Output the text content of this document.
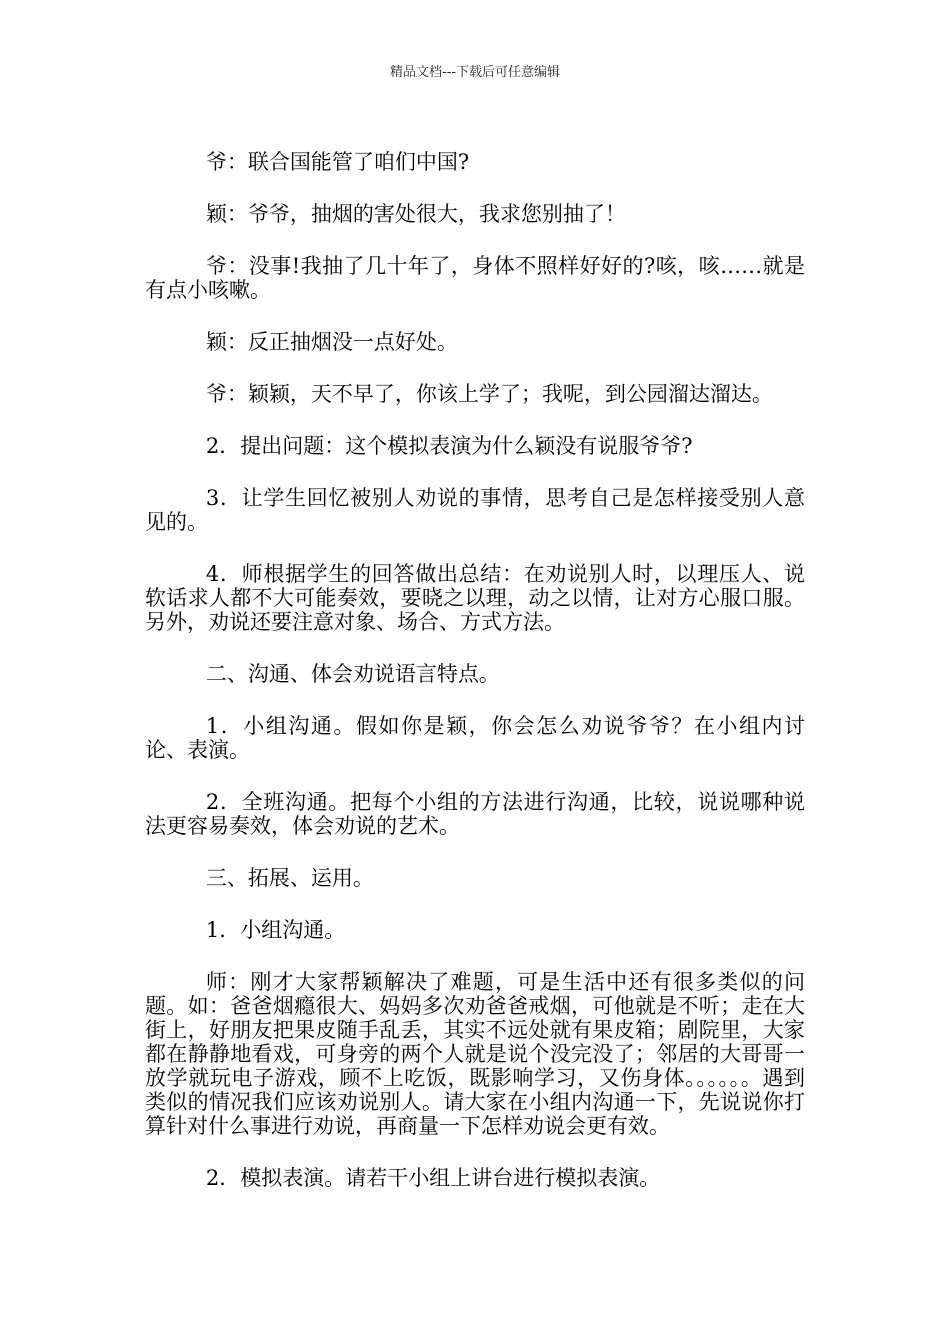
精品文档---下载后可任意编辑

爷：联合国能管了咱们中国?

颖：爷爷，抽烟的害处很大，我求您别抽了！

爷：没事!我抽了几十年了，身体不照样好好的?咳，咳……就是有点小咳嗽。

颖：反正抽烟没一点好处。

爷：颖颖，天不早了，你该上学了；我呢，到公园溜达溜达。

2．提出问题：这个模拟表演为什么颖没有说服爷爷?

3．让学生回忆被别人劝说的事情，思考自己是怎样接受别人意见的。

4．师根据学生的回答做出总结：在劝说别人时，以理压人、说软话求人都不大可能奏效，要晓之以理，动之以情，让对方心服口服。另外，劝说还要注意对象、场合、方式方法。

二、沟通、体会劝说语言特点。

1．小组沟通。假如你是颖，你会怎么劝说爷爷？在小组内讨论、表演。

2．全班沟通。把每个小组的方法进行沟通，比较，说说哪种说法更容易奏效，体会劝说的艺术。

三、拓展、运用。

1．小组沟通。

师：刚才大家帮颖解决了难题，可是生活中还有很多类似的问题。如：爸爸烟瘾很大、妈妈多次劝爸爸戒烟，可他就是不听；走在大街上，好朋友把果皮随手乱丢，其实不远处就有果皮箱；剧院里，大家都在静静地看戏，可身旁的两个人就是说个没完没了；邻居的大哥哥一放学就玩电子游戏，顾不上吃饭，既影响学习，又伤身体。。。。。。遇到类似的情况我们应该劝说别人。请大家在小组内沟通一下，先说说你打算针对什么事进行劝说，再商量一下怎样劝说会更有效。

2．模拟表演。请若干小组上讲台进行模拟表演。
